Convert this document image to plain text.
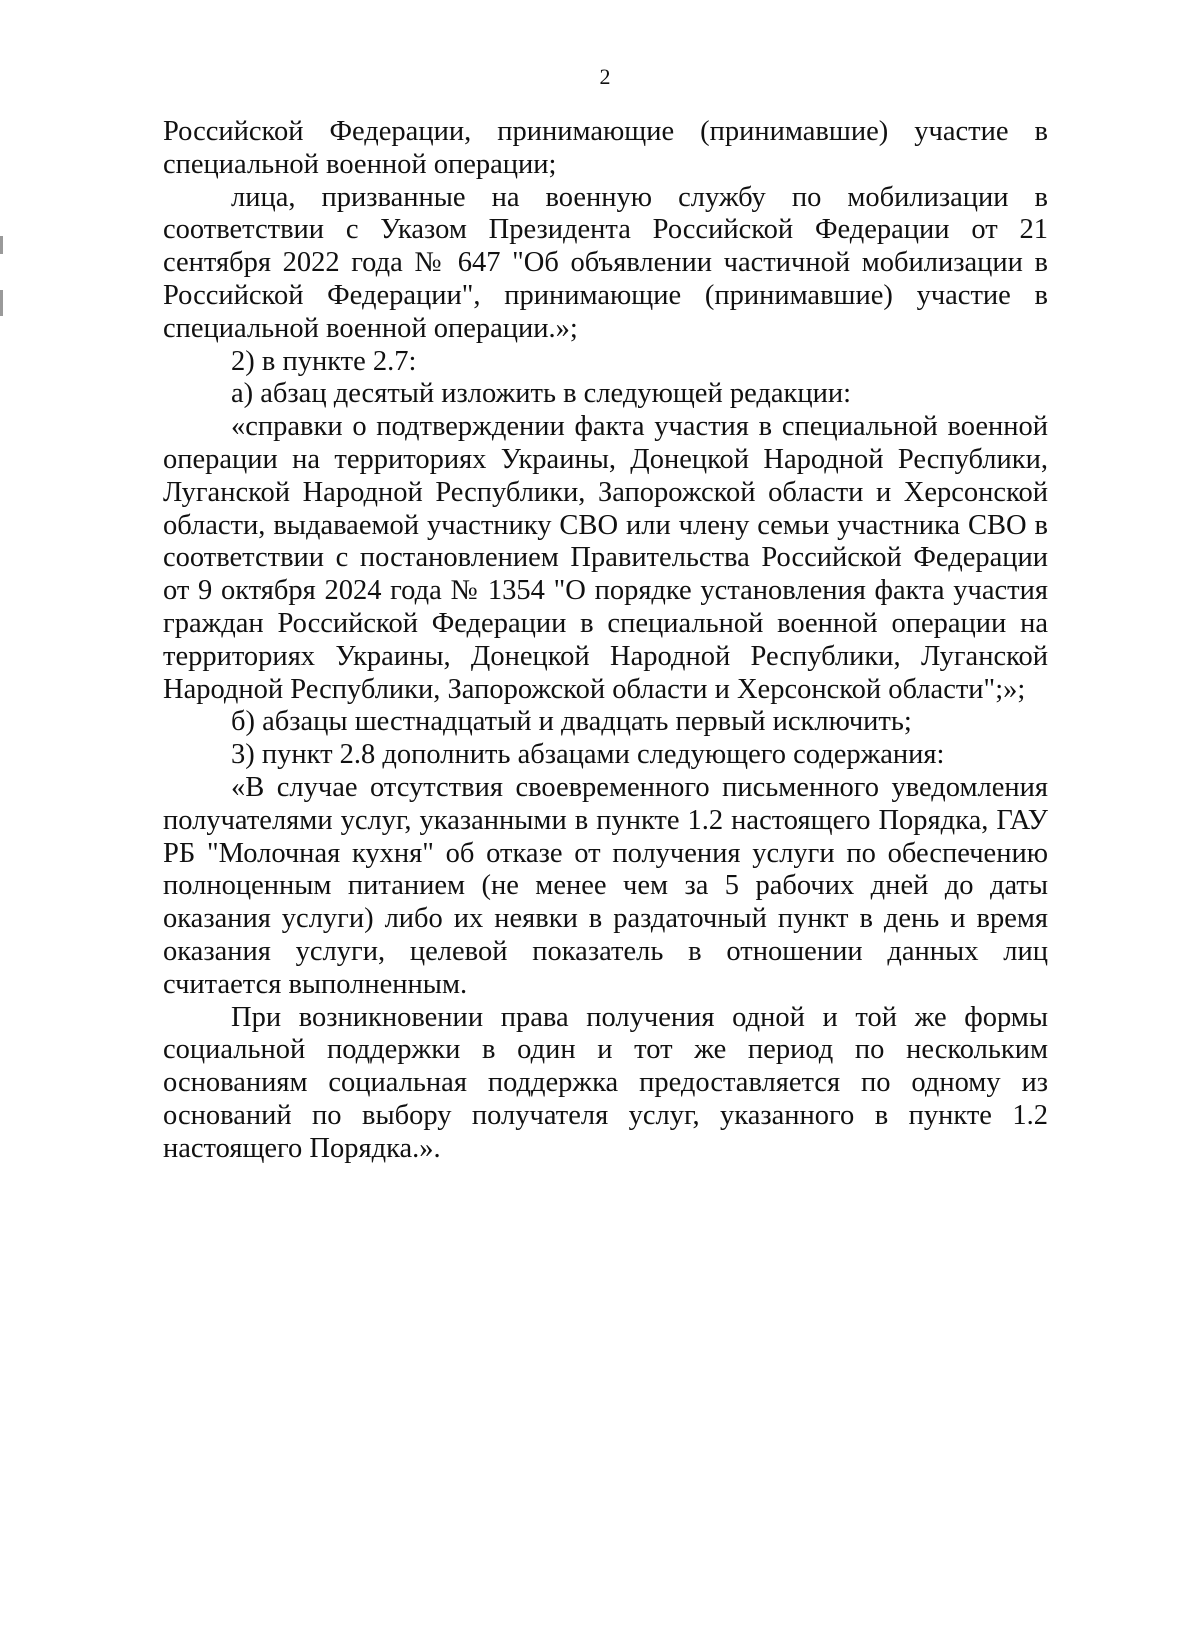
2

Российской Федерации, принимающие (принимавшие) участие в специальной военной операции;

лица, призванные на военную службу по мобилизации в соответствии с Указом Президента Российской Федерации от 21 сентября 2022 года № 647 "Об объявлении частичной мобилизации в Российской Федерации", принимающие (принимавшие) участие в специальной военной операции.»;

2) в пункте 2.7:

а) абзац десятый изложить в следующей редакции:

«справки о подтверждении факта участия в специальной военной операции на территориях Украины, Донецкой Народной Республики, Луганской Народной Республики, Запорожской области и Херсонской области, выдаваемой участнику СВО или члену семьи участника СВО в соответствии с постановлением Правительства Российской Федерации от 9 октября 2024 года № 1354 "О порядке установления факта участия граждан Российской Федерации в специальной военной операции на территориях Украины, Донецкой Народной Республики, Луганской Народной Республики, Запорожской области и Херсонской области";»;

б) абзацы шестнадцатый и двадцать первый исключить;

3) пункт 2.8 дополнить абзацами следующего содержания:

«В случае отсутствия своевременного письменного уведомления получателями услуг, указанными в пункте 1.2 настоящего Порядка, ГАУ РБ "Молочная кухня" об отказе от получения услуги по обеспечению полноценным питанием (не менее чем за 5 рабочих дней до даты оказания услуги) либо их неявки в раздаточный пункт в день и время оказания услуги, целевой показатель в отношении данных лиц считается выполненным.

При возникновении права получения одной и той же формы социальной поддержки в один и тот же период по нескольким основаниям социальная поддержка предоставляется по одному из оснований по выбору получателя услуг, указанного в пункте 1.2 настоящего Порядка.».
